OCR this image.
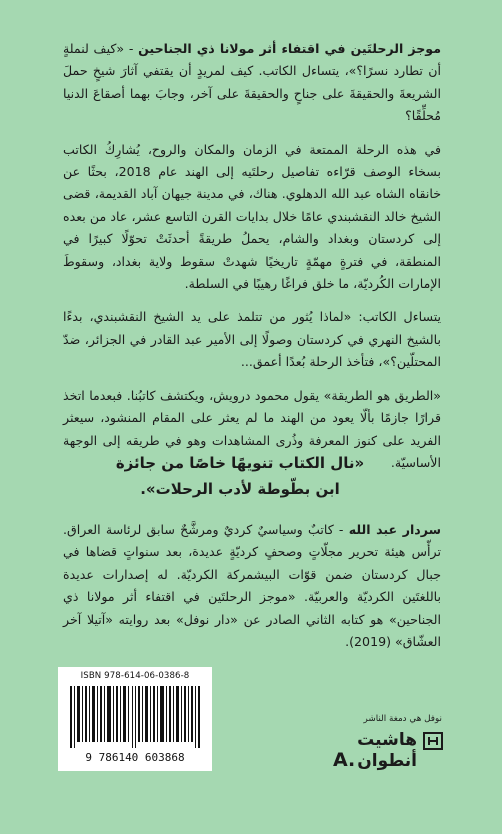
موجز الرحلتَين في اقتفاء أثر مولانا ذي الجناحين - «كيف لنملةٍ أن تطارد نسرًا؟»، يتساءل الكاتب. كيف لمريدٍ أن يقتفي آثارَ شيخٍ حملَ الشريعةَ والحقيقةَ على جناحٍ والحقيقةَ على آخر، وجابَ بهما أصقاعَ الدنيا مُحلِّقًا؟

في هذه الرحلة الممتعة في الزمان والمكان والروح، يُشارِكُ الكاتب بسخاء الوصف قرّاءه تفاصيل رحلتَيه إلى الهند عام 2018، بحثًا عن خانقاه الشاه عبد الله الدهلوي. هناك، في مدينة جيهان آباد القديمة، قضى الشيخ خالد النقشبندي عامًا خلال بدايات القرن التاسع عشر، عاد من بعده إلى كردستان وبغداد والشام، يحملُ طريقةً أحدثَتْ تحوّلًا كبيرًا في المنطقة، في فترةٍ مهمّةٍ تاريخيًا شهدتْ سقوط ولاية بغداد، وسقوطَ الإمارات الكُرديّة، ما خلق فراغًا رهيبًا في السلطة.

يتساءل الكاتب: «لماذا يُثور من تتلمذ على يد الشيخ النقشبندي، بدءًا بالشيخ النهري في كردستان وصولًا إلى الأمير عبد القادر في الجزائر، ضدّ المحتلّين؟»، فتأخذ الرحلة بُعدًا أعمق...

«الطريق هو الطريقة» يقول محمود درويش، ويكتشف كاتبُنا. فبعدما اتخذ قرارًا جازمًا بألّا يعود من الهند ما لم يعثر على المقام المنشود، سيعثر الفريد على كنوز المعرفة وذُرى المشاهدات وهو في طريقه إلى الوجهة الأساسيّة.

«نال الكتاب تنويهًا خاصًا من جائزة
ابن بطّوطة لأدب الرحلات».
سردار عبد الله - كاتبٌ وسياسيٌ كرديٌ ومرشَّحٌ سابق لرئاسة العراق. ترأّس هيئة تحرير مجلّاتٍ وصحفٍ كرديّةٍ عديدة، بعد سنواتٍ قضاها في جبال كردستان ضمن قوّات البيشمركة الكرديّة. له إصدارات عديدة باللغتَين الكرديّة والعربيّة. «موجز الرحلتَين في اقتفاء أثر مولانا ذي الجناحين» هو كتابه الثاني الصادر عن «دار نوفل» بعد روايته «آتيلا آخر العشّاق» (2019).
ISBN 978-614-06-0386-8
9 786140 603868
نوفل هي دمغة الناشر
هاشيت
أنطوان
A.
